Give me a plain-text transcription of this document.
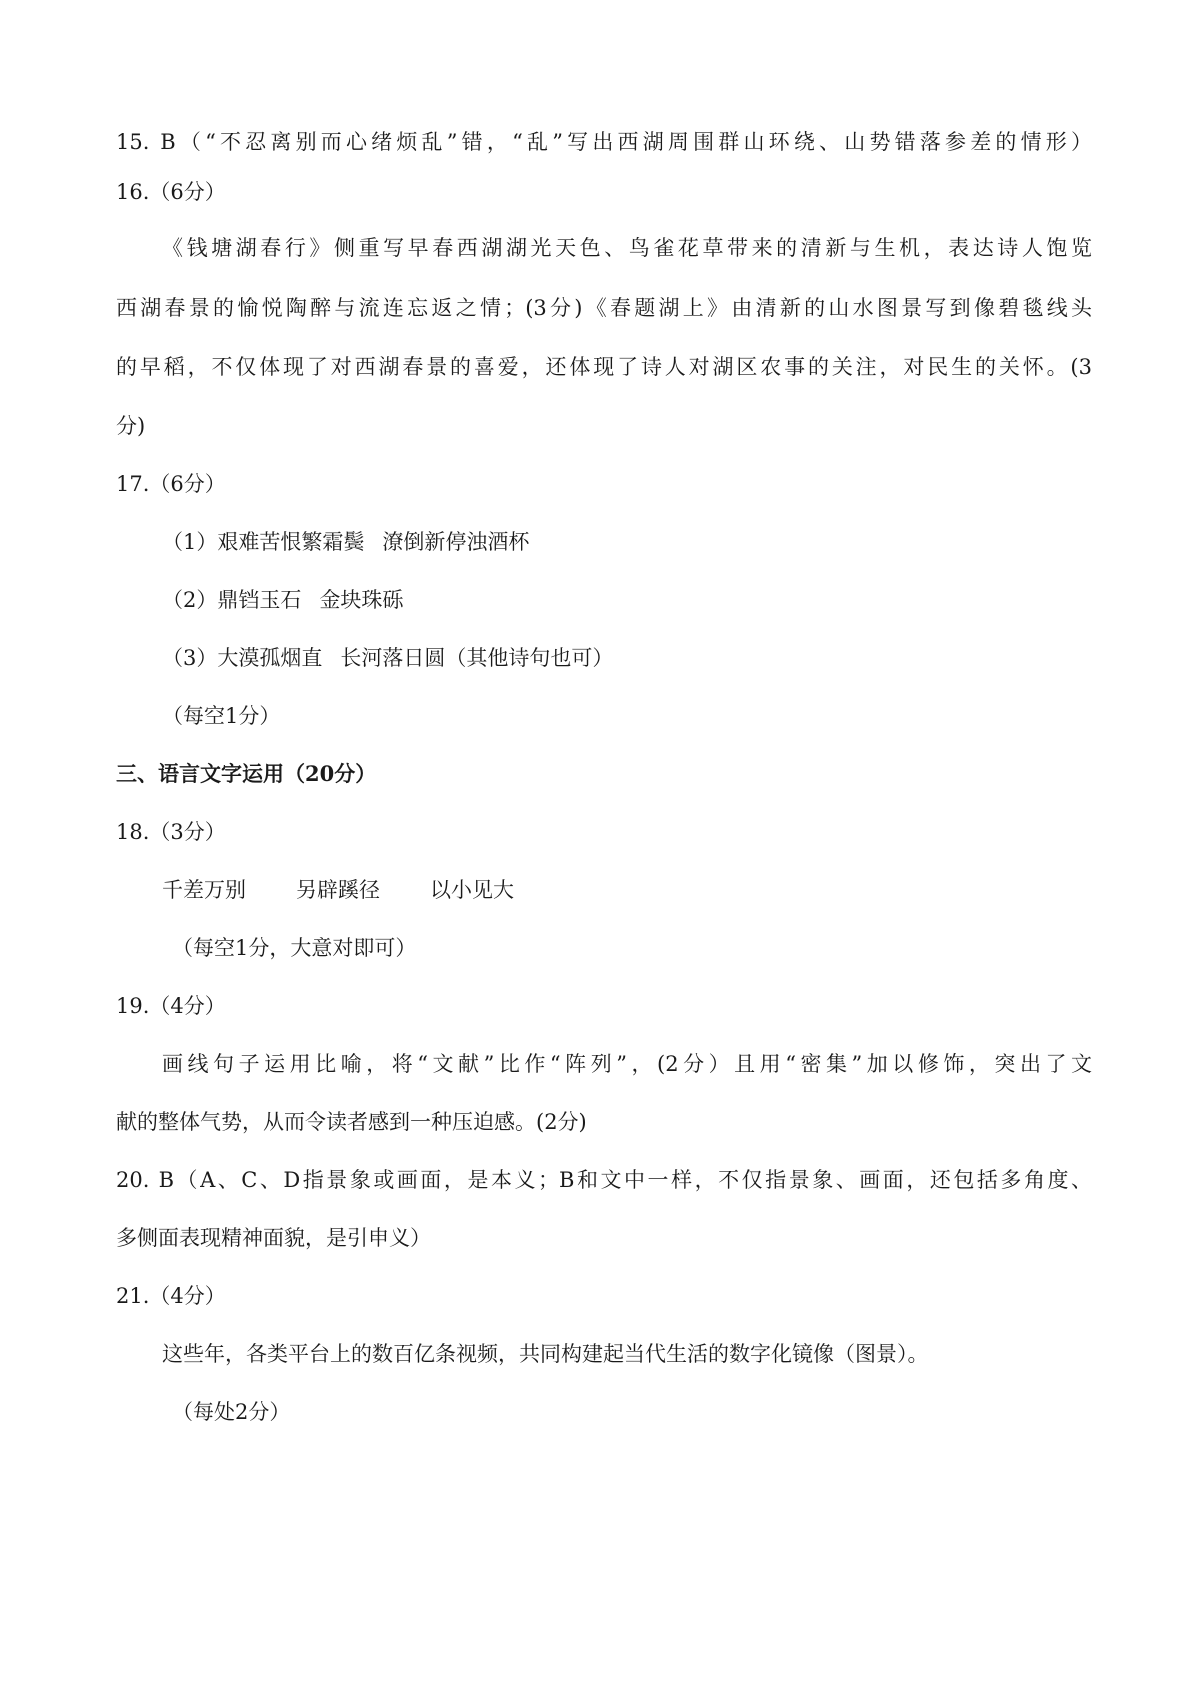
15. B（“不忍离别而心绪烦乱”错，“乱”写出西湖周围群山环绕、山势错落参差的情形）
16.（6分）
《钱塘湖春行》侧重写早春西湖湖光天色、鸟雀花草带来的清新与生机，表达诗人饱览
西湖春景的愉悦陶醉与流连忘返之情；(3分)《春题湖上》由清新的山水图景写到像碧毯线头
的早稻，不仅体现了对西湖春景的喜爱，还体现了诗人对湖区农事的关注，对民生的关怀。(3
分)
17.（6分）
（1）艰难苦恨繁霜鬓 潦倒新停浊酒杯
（2）鼎铛玉石 金块珠砾
（3）大漠孤烟直 长河落日圆（其他诗句也可）
（每空1分）
三、语言文字运用（20分）
18.（3分）
千差万别 另辟蹊径 以小见大
（每空1分，大意对即可）
19.（4分）
画线句子运用比喻，将“文献”比作“阵列”，(2分）且用“密集”加以修饰，突出了文
献的整体气势，从而令读者感到一种压迫感。(2分)
20. B（A、C、D指景象或画面，是本义；B和文中一样，不仅指景象、画面，还包括多角度、
多侧面表现精神面貌，是引申义）
21.（4分）
这些年，各类平台上的数百亿条视频，共同构建起当代生活的数字化镜像（图景）。
（每处2分）
